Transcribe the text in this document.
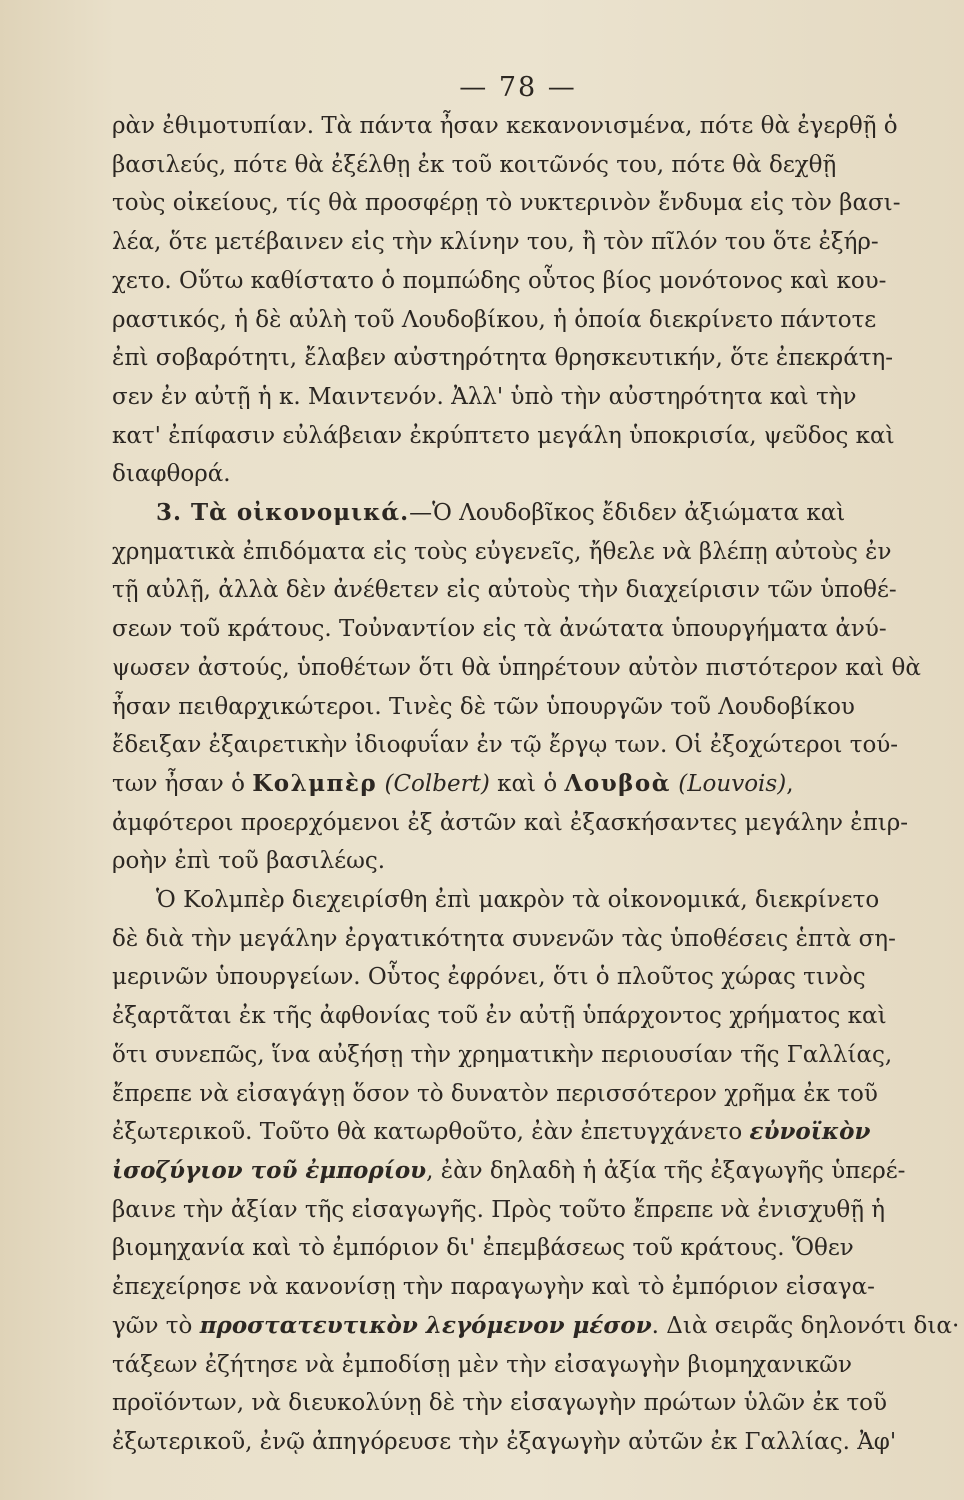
— 78 —
ρὰν ἐθιμοτυπίαν. Τὰ πάντα ἦσαν κεκανονισμένα, πότε θὰ ἐγερθῇ ὁ
βασιλεύς, πότε θὰ ἐξέλθῃ ἐκ τοῦ κοιτῶνός του, πότε θὰ δεχθῇ
τοὺς οἰκείους, τίς θὰ προσφέρῃ τὸ νυκτερινὸν ἔνδυμα εἰς τὸν βασι-
λέα, ὅτε μετέβαινεν εἰς τὴν κλίνην του, ἢ τὸν πῖλόν του ὅτε ἐξήρ-
χετο. Οὕτω καθίστατο ὁ πομπώδης οὗτος βίος μονότονος καὶ κου-
ραστικός, ἡ δὲ αὐλὴ τοῦ Λουδοβίκου, ἡ ὁποία διεκρίνετο πάντοτε
ἐπὶ σοβαρότητι, ἔλαβεν αὐστηρότητα θρησκευτικήν, ὅτε ἐπεκράτη-
σεν ἐν αὐτῇ ἡ κ. Μαιντενόν. Ἀλλ' ὑπὸ τὴν αὐστηρότητα καὶ τὴν
κατ' ἐπίφασιν εὐλάβειαν ἐκρύπτετο μεγάλη ὑποκρισία, ψεῦδος καὶ
διαφθορά.
3. Τὰ οἰκονομικά.—Ὁ Λουδοβῖκος ἔδιδεν ἀξιώματα καὶ
χρηματικὰ ἐπιδόματα εἰς τοὺς εὐγενεῖς, ἤθελε νὰ βλέπῃ αὐτοὺς ἐν
τῇ αὐλῇ, ἀλλὰ δὲν ἀνέθετεν εἰς αὐτοὺς τὴν διαχείρισιν τῶν ὑποθέ-
σεων τοῦ κράτους. Τοὐναντίον εἰς τὰ ἀνώτατα ὑπουργήματα ἀνύ-
ψωσεν ἀστούς, ὑποθέτων ὅτι θὰ ὑπηρέτουν αὐτὸν πιστότερον καὶ θὰ
ἦσαν πειθαρχικώτεροι. Τινὲς δὲ τῶν ὑπουργῶν τοῦ Λουδοβίκου
ἔδειξαν ἐξαιρετικὴν ἰδιοφυΐαν ἐν τῷ ἔργῳ των. Οἱ ἐξοχώτεροι τού-
των ἦσαν ὁ Κολμπὲρ (Colbert) καὶ ὁ Λουβοὰ (Louvois),
ἀμφότεροι προερχόμενοι ἐξ ἀστῶν καὶ ἐξασκήσαντες μεγάλην ἐπιρ-
ροὴν ἐπὶ τοῦ βασιλέως.
Ὁ Κολμπὲρ διεχειρίσθη ἐπὶ μακρὸν τὰ οἰκονομικά, διεκρίνετο
δὲ διὰ τὴν μεγάλην ἐργατικότητα συνενῶν τὰς ὑποθέσεις ἑπτὰ ση-
μερινῶν ὑπουργείων. Οὗτος ἐφρόνει, ὅτι ὁ πλοῦτος χώρας τινὸς
ἐξαρτᾶται ἐκ τῆς ἀφθονίας τοῦ ἐν αὐτῇ ὑπάρχοντος χρήματος καὶ
ὅτι συνεπῶς, ἵνα αὐξήσῃ τὴν χρηματικὴν περιουσίαν τῆς Γαλλίας,
ἔπρεπε νὰ εἰσαγάγῃ ὅσον τὸ δυνατὸν περισσότερον χρῆμα ἐκ τοῦ
ἐξωτερικοῦ. Τοῦτο θὰ κατωρθοῦτο, ἐὰν ἐπετυγχάνετο εὐνοϊκὸν
ἰσοζύγιον τοῦ ἐμπορίου, ἐὰν δηλαδὴ ἡ ἀξία τῆς ἐξαγωγῆς ὑπερέ-
βαινε τὴν ἀξίαν τῆς εἰσαγωγῆς. Πρὸς τοῦτο ἔπρεπε νὰ ἐνισχυθῇ ἡ
βιομηχανία καὶ τὸ ἐμπόριον δι' ἐπεμβάσεως τοῦ κράτους. Ὅθεν
ἐπεχείρησε νὰ κανονίσῃ τὴν παραγωγὴν καὶ τὸ ἐμπόριον εἰσαγα-
γῶν τὸ προστατευτικὸν λεγόμενον μέσον. Διὰ σειρᾶς δηλονότι δια·
τάξεων ἐζήτησε νὰ ἐμποδίσῃ μὲν τὴν εἰσαγωγὴν βιομηχανικῶν
προϊόντων, νὰ διευκολύνῃ δὲ τὴν εἰσαγωγὴν πρώτων ὑλῶν ἐκ τοῦ
ἐξωτερικοῦ, ἐνῷ ἀπηγόρευσε τὴν ἐξαγωγὴν αὐτῶν ἐκ Γαλλίας. Ἀφ'
